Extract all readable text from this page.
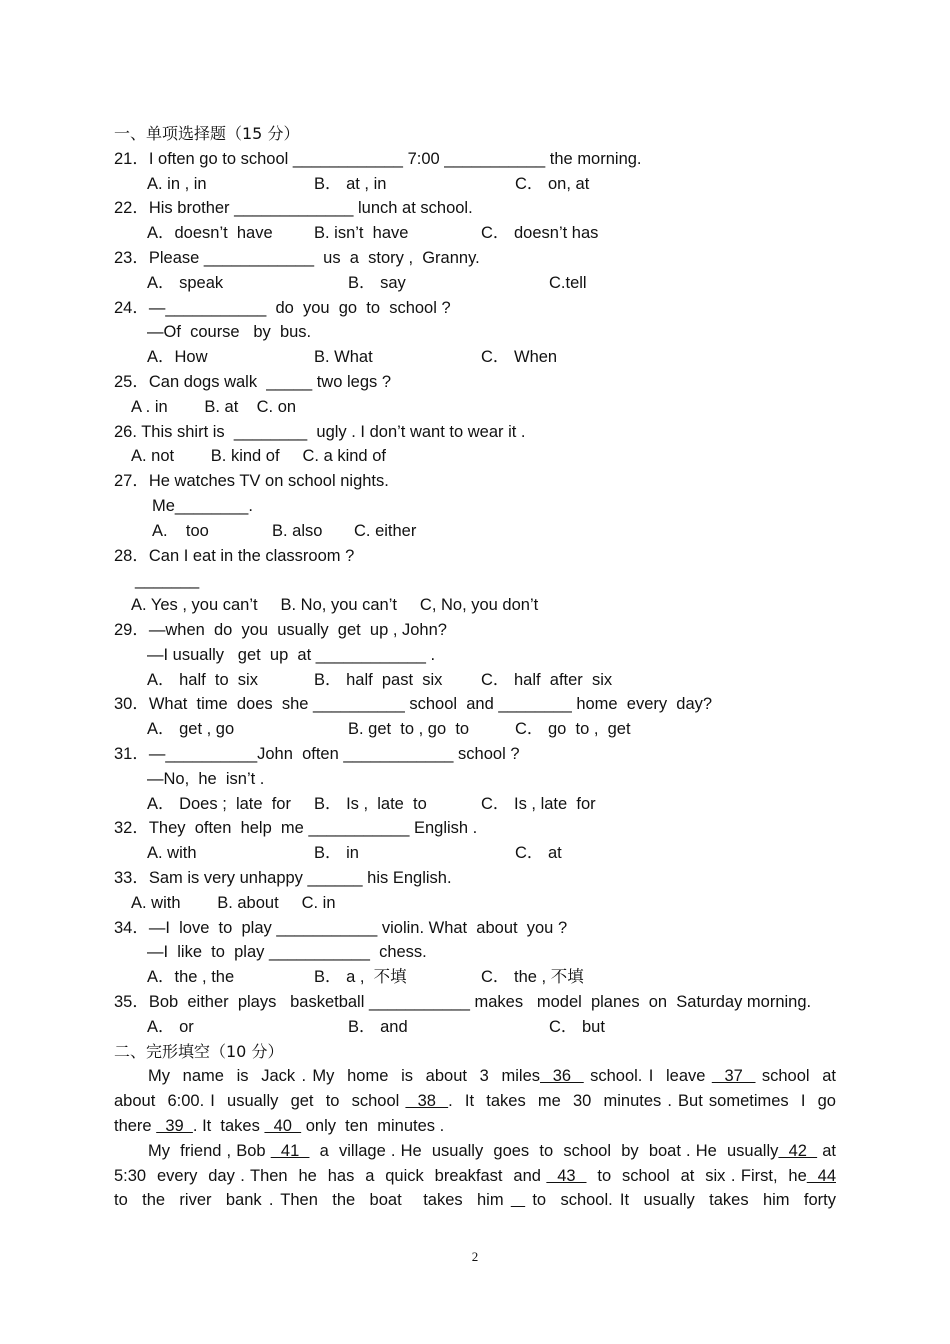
一、单项选择题（15 分）
21．I often go to school ____________ 7:00 ___________ the morning.
A. in , in	B． at , in	C． on, at
22．His brother _____________ lunch at school.
A．doesn’t  have	B. isn’t  have	C． doesn’t has
23．Please ____________  us  a  story ,  Granny.
A． speak	B． say	C.tell
24．—___________  do  you  go  to  school ?
—Of  course   by  bus.
A．How	B. What	C． When
25．Can dogs walk  _____ two legs ?
A . in        B. at    C. on
26. This shirt is  ________  ugly . I don’t want to wear it .
A. not        B. kind of     C. a kind of
27．He watches TV on school nights.
Me________.
A.    too	B. also C. either
28．Can I eat in the classroom ?
_______
A. Yes , you can’t     B. No, you can’t     C, No, you don’t
29．—when  do  you  usually  get  up , John?
—I usually   get  up  at ____________ .
A． half  to  six	B． half  past  six C． half  after  six
30．What  time  does  she __________ school  and ________ home  every  day?
A． get , go	B. get  to , go  to	C． go  to ,  get
31．—__________John  often ____________ school ?
—No,  he  isn’t .
A． Does ;  late  for B． Is ,  late  to	C． Is , late  for
32．They  often  help  me ___________ English .
A. with	B． in	C． at
33．Sam is very unhappy ______ his English.
A. with        B. about     C. in
34．—I  love  to  play ___________ violin. What  about  you ?
—I  like  to  play ___________  chess.
A．the , the	B． a ,  不填	C． the , 不填
35．Bob  either  plays   basketball ___________ makes   model  planes  on  Saturday morning.
A． or	B． and	C． but
二、完形填空（10 分）
My  name  is  Jack . My  home  is  about  3  miles  36   school. I  leave   37   school  at
about  6:00. I  usually  get  to  school   38  .  It  takes  me  30  minutes . But sometimes  I  go
there   39  . It  takes   40   only  ten  minutes .
My  friend , Bob   41    a  village . He  usually  goes  to  school  by  boat . He  usually  42   at
5:30  every  day . Then  he  has  a  quick  breakfast  and   43    to  school  at  six . First,  he  44
to  the  river  bank . Then  the  boat   takes  him    to  school. It  usually  takes  him  forty
2
